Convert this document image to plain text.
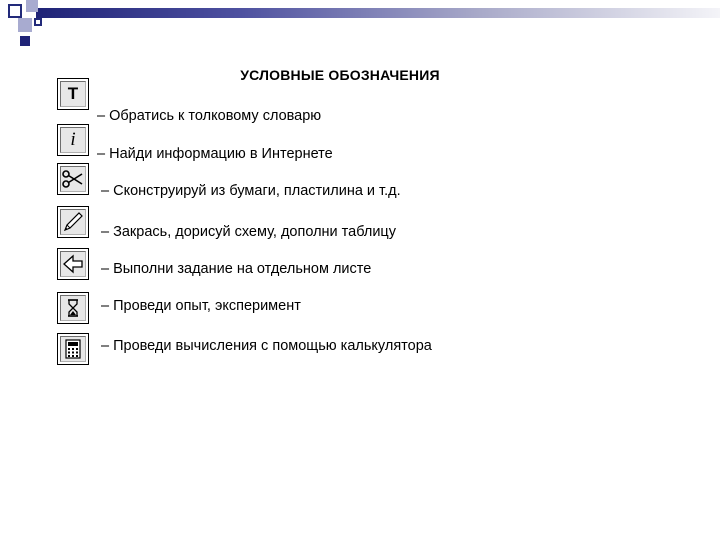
УСЛОВНЫЕ ОБОЗНАЧЕНИЯ
T
– Обратись к толковому словарю
i
– Найди информацию в Интернете
– Сконструируй из бумаги, пластилина и т.д.
– Закрась, дорисуй схему, дополни таблицу
– Выполни задание на отдельном листе
– Проведи опыт, эксперимент
– Проведи вычисления с помощью калькулятора
